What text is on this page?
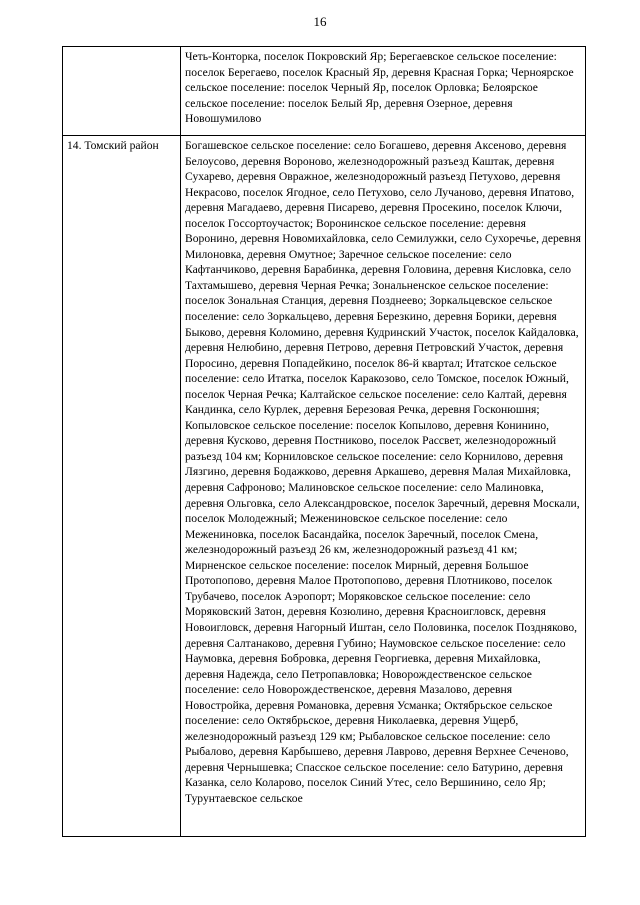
16
	Четь-Конторка, поселок Покровский Яр; Берегаевское сельское поселение: поселок Берегаево, поселок Красный Яр, деревня Красная Горка; Черноярское сельское поселение: поселок Черный Яр, поселок Орловка; Белоярское сельское поселение: поселок Белый Яр, деревня Озерное, деревня Новошумилово
14. Томский район	Богашевское сельское поселение: село Богашево, деревня Аксеново, деревня Белоусово, деревня Вороново, железнодорожный разъезд Каштак, деревня Сухарево, деревня Овражное, железнодорожный разъезд Петухово, деревня Некрасово, поселок Ягодное, село Петухово, село Лучаново, деревня Ипатово, деревня Магадаево, деревня Писарево, деревня Просекино, поселок Ключи, поселок Госсортоучасток; Воронинское сельское поселение: деревня Воронино, деревня Новомихайловка, село Семилужки, село Сухоречье, деревня Милоновка, деревня Омутное; Заречное сельское поселение: село Кафтанчиково, деревня Барабинка, деревня Головина, деревня Кисловка, село Тахтамышево, деревня Черная Речка; Зональненское сельское поселение: поселок Зональная Станция, деревня Позднеево; Зоркальцевское сельское поселение: село Зоркальцево, деревня Березкино, деревня Борики, деревня Быково, деревня Коломино, деревня Кудринский Участок, поселок Кайдаловка, деревня Нелюбино, деревня Петрово, деревня Петровский Участок, деревня Поросино, деревня Попадейкино, поселок 86-й квартал; Итатское сельское поселение: село Итатка, поселок Каракозово, село Томское, поселок Южный, поселок Черная Речка; Калтайское сельское поселение: село Калтай, деревня Кандинка, село Курлек, деревня Березовая Речка, деревня Госконюшня; Копыловское сельское поселение: поселок Копылово, деревня Конинино, деревня Кусково, деревня Постниково, поселок Рассвет, железнодорожный разъезд 104 км; Корниловское сельское поселение: село Корнилово, деревня Лязгино, деревня Бодажково, деревня Аркашево, деревня Малая Михайловка, деревня Сафроново; Малиновское сельское поселение: село Малиновка, деревня Ольговка, село Александровское, поселок Заречный, деревня Москали, поселок Молодежный; Межениновское сельское поселение: село Межениновка, поселок Басандайка, поселок Заречный, поселок Смена, железнодорожный разъезд 26 км, железнодорожный разъезд 41 км; Мирненское сельское поселение: поселок Мирный, деревня Большое Протопопово, деревня Малое Протопопово, деревня Плотниково, поселок Трубачево, поселок Аэропорт; Моряковское сельское поселение: село Моряковский Затон, деревня Козюлино, деревня Красноигловск, деревня Новоигловск, деревня Нагорный Иштан, село Половинка, поселок Поздняково, деревня Салтанаково, деревня Губино; Наумовское сельское поселение: село Наумовка, деревня Бобровка, деревня Георгиевка, деревня Михайловка, деревня Надежда, село Петропавловка; Новорождественское сельское поселение: село Новорождественское, деревня Мазалово, деревня Новостройка, деревня Романовка, деревня Усманка; Октябрьское сельское поселение: село Октябрьское, деревня Николаевка, деревня Ущерб, железнодорожный разъезд 129 км; Рыбаловское сельское поселение: село Рыбалово, деревня Карбышево, деревня Лаврово, деревня Верхнее Сеченово, деревня Чернышевка; Спасское сельское поселение: село Батурино, деревня Казанка, село Коларово, поселок Синий Утес, село Вершинино, село Яр; Турунтаевское сельское
